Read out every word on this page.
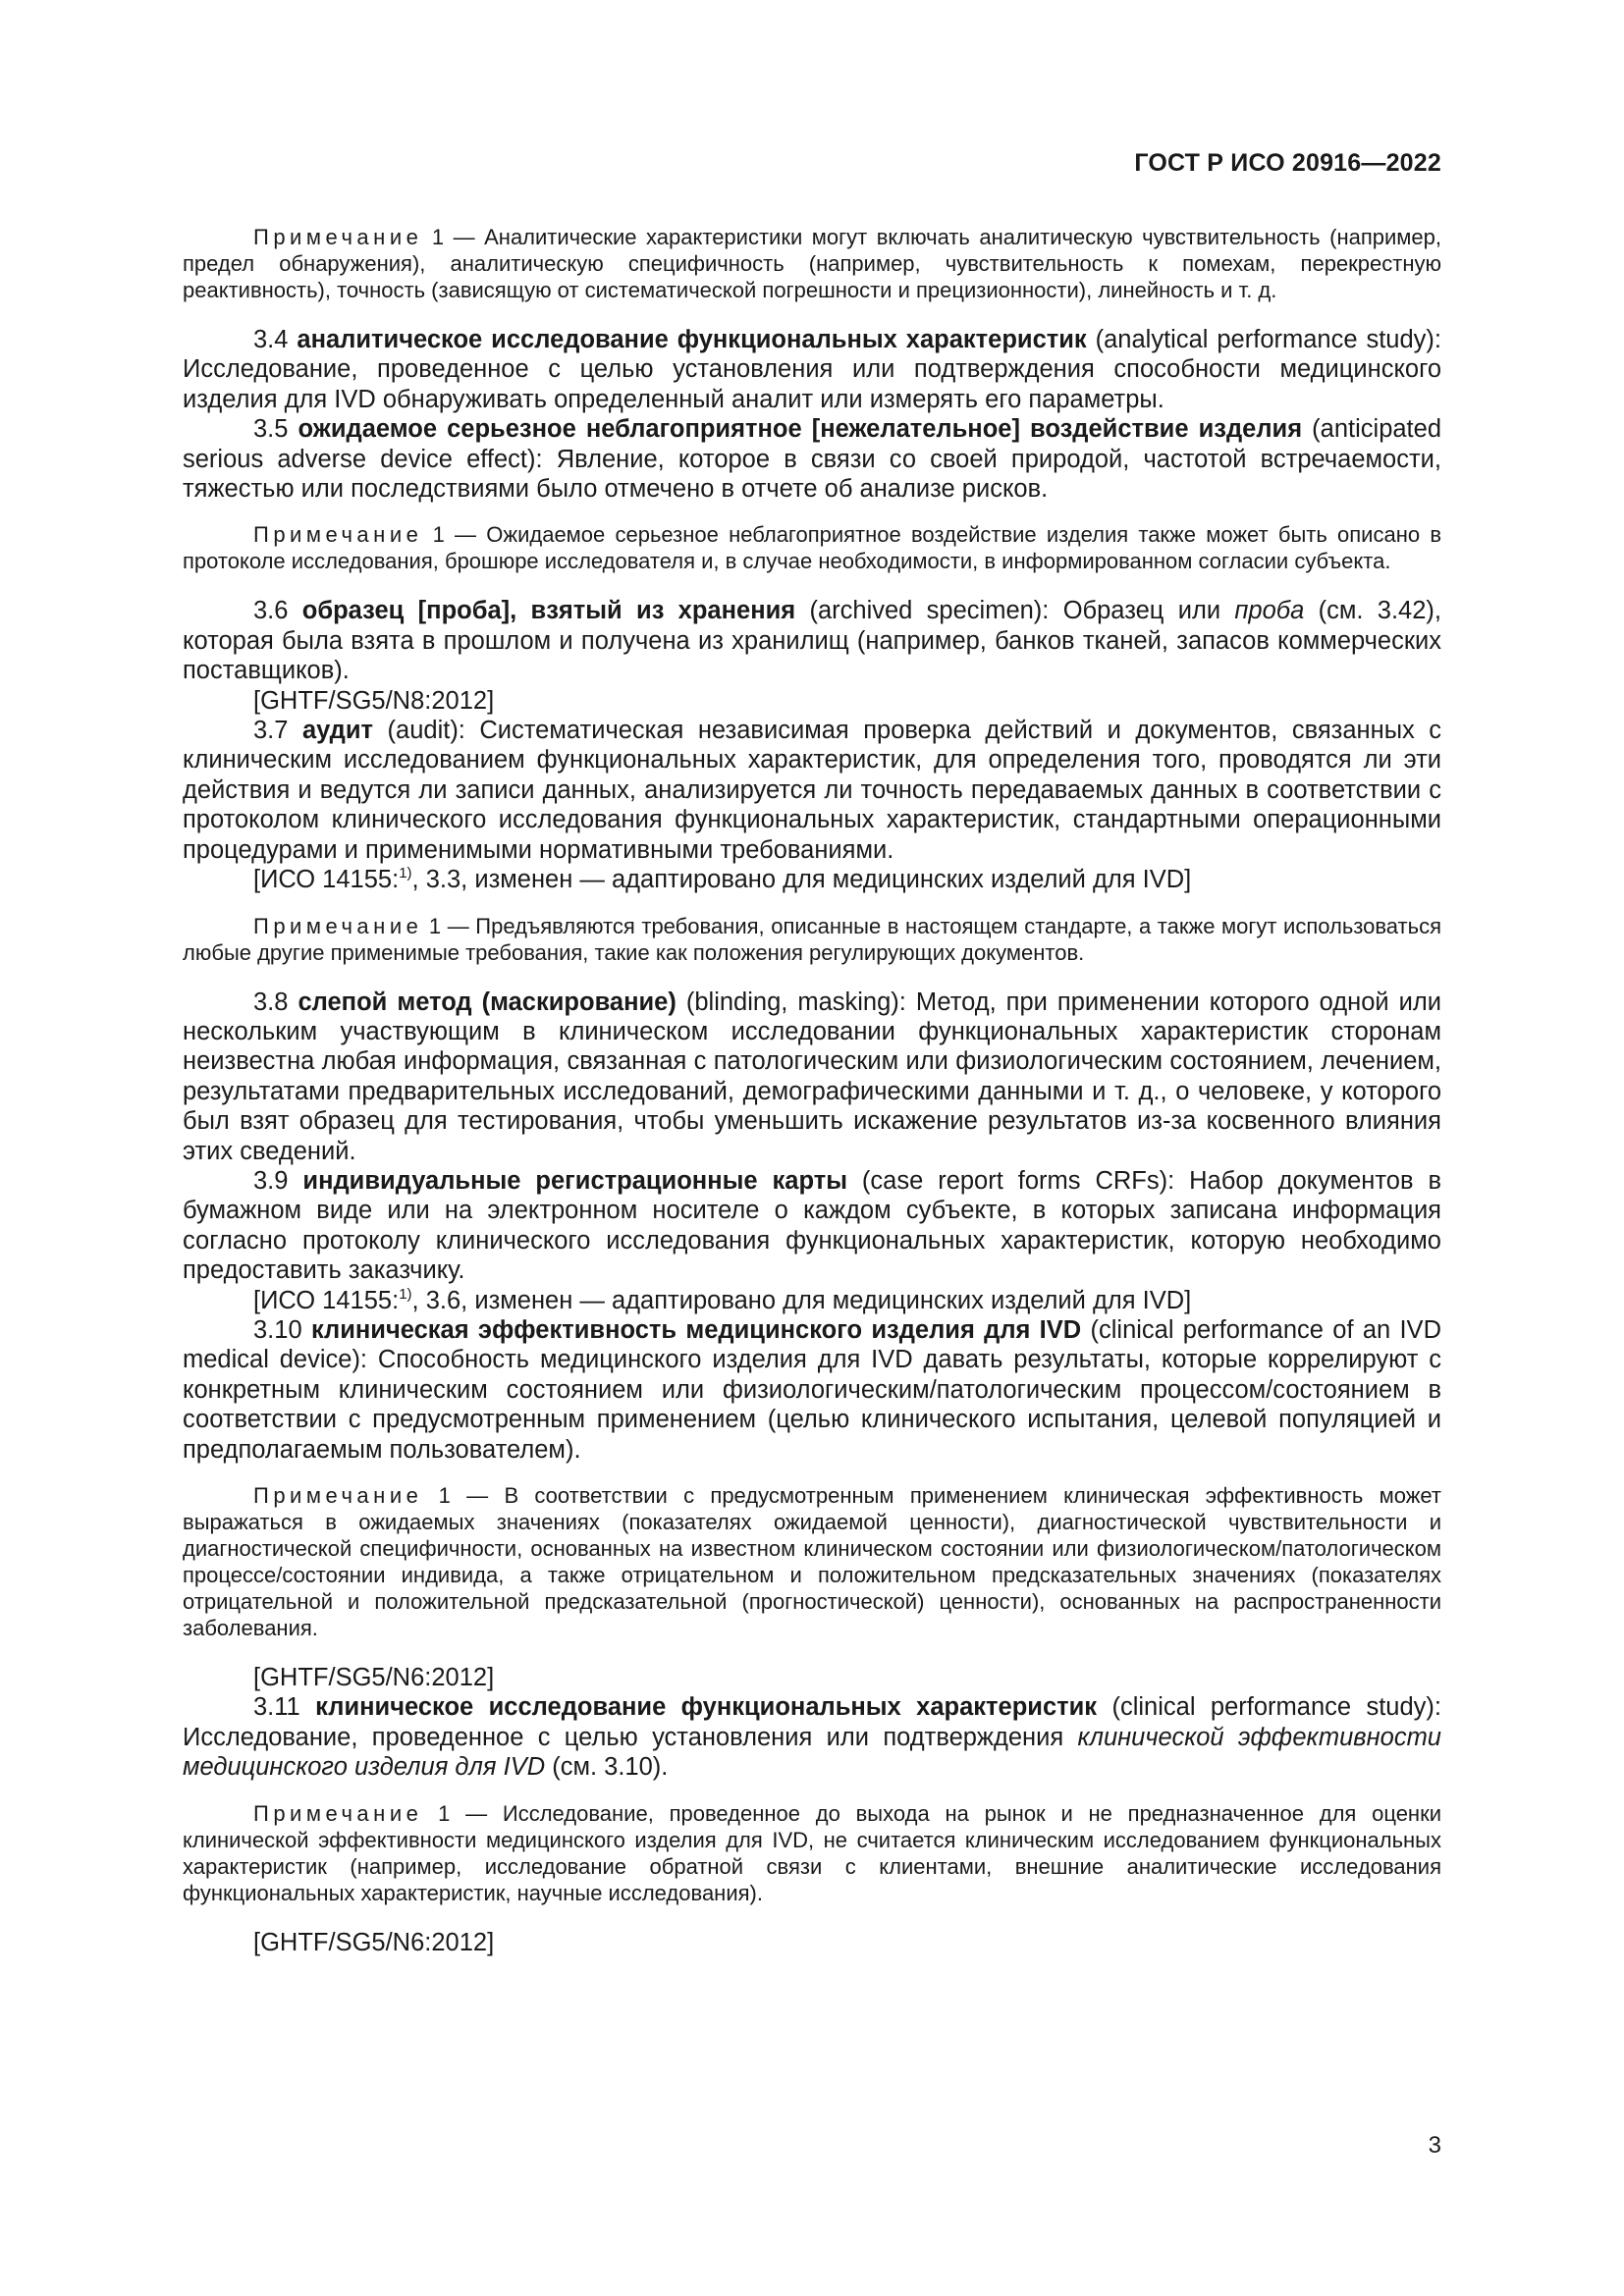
ГОСТ Р ИСО 20916—2022

Примечание 1 — Аналитические характеристики могут включать аналитическую чувствительность (например, предел обнаружения), аналитическую специфичность (например, чувствительность к помехам, перекрестную реактивность), точность (зависящую от систематической погрешности и прецизионности), линейность и т. д.

3.4 аналитическое исследование функциональных характеристик (analytical performance study): Исследование, проведенное с целью установления или подтверждения способности медицинского изделия для IVD обнаруживать определенный аналит или измерять его параметры.

3.5 ожидаемое серьезное неблагоприятное [нежелательное] воздействие изделия (anticipated serious adverse device effect): Явление, которое в связи со своей природой, частотой встречаемости, тяжестью или последствиями было отмечено в отчете об анализе рисков.

Примечание 1 — Ожидаемое серьезное неблагоприятное воздействие изделия также может быть описано в протоколе исследования, брошюре исследователя и, в случае необходимости, в информированном согласии субъекта.

3.6 образец [проба], взятый из хранения (archived specimen): Образец или проба (см. 3.42), которая была взята в прошлом и получена из хранилищ (например, банков тканей, запасов коммерческих поставщиков).

[GHTF/SG5/N8:2012]

3.7 аудит (audit): Систематическая независимая проверка действий и документов, связанных с клиническим исследованием функциональных характеристик, для определения того, проводятся ли эти действия и ведутся ли записи данных, анализируется ли точность передаваемых данных в соответствии с протоколом клинического исследования функциональных характеристик, стандартными операционными процедурами и применимыми нормативными требованиями.

[ИСО 14155:$^{1)}$, 3.3, изменен — адаптировано для медицинских изделий для IVD]

Примечание 1 — Предъявляются требования, описанные в настоящем стандарте, а также могут использоваться любые другие применимые требования, такие как положения регулирующих документов.

3.8 слепой метод (маскирование) (blinding, masking): Метод, при применении которого одной или нескольким участвующим в клиническом исследовании функциональных характеристик сторонам неизвестна любая информация, связанная с патологическим или физиологическим состоянием, лечением, результатами предварительных исследований, демографическими данными и т. д., о человеке, у которого был взят образец для тестирования, чтобы уменьшить искажение результатов из-за косвенного влияния этих сведений.

3.9 индивидуальные регистрационные карты (case report forms CRFs): Набор документов в бумажном виде или на электронном носителе о каждом субъекте, в которых записана информация согласно протоколу клинического исследования функциональных характеристик, которую необходимо предоставить заказчику.

[ИСО 14155:$^{1)}$, 3.6, изменен — адаптировано для медицинских изделий для IVD]

3.10 клиническая эффективность медицинского изделия для IVD (clinical performance of an IVD medical device): Способность медицинского изделия для IVD давать результаты, которые коррелируют с конкретным клиническим состоянием или физиологическим/патологическим процессом/состоянием в соответствии с предусмотренным применением (целью клинического испытания, целевой популяцией и предполагаемым пользователем).

Примечание 1 — В соответствии с предусмотренным применением клиническая эффективность может выражаться в ожидаемых значениях (показателях ожидаемой ценности), диагностической чувствительности и диагностической специфичности, основанных на известном клиническом состоянии или физиологическом/патологическом процессе/состоянии индивида, а также отрицательном и положительном предсказательных значениях (показателях отрицательной и положительной предсказательной (прогностической) ценности), основанных на распространенности заболевания.

[GHTF/SG5/N6:2012]

3.11 клиническое исследование функциональных характеристик (clinical performance study): Исследование, проведенное с целью установления или подтверждения клинической эффективности медицинского изделия для IVD (см. 3.10).

Примечание 1 — Исследование, проведенное до выхода на рынок и не предназначенное для оценки клинической эффективности медицинского изделия для IVD, не считается клиническим исследованием функциональных характеристик (например, исследование обратной связи с клиентами, внешние аналитические исследования функциональных характеристик, научные исследования).

[GHTF/SG5/N6:2012]

3
